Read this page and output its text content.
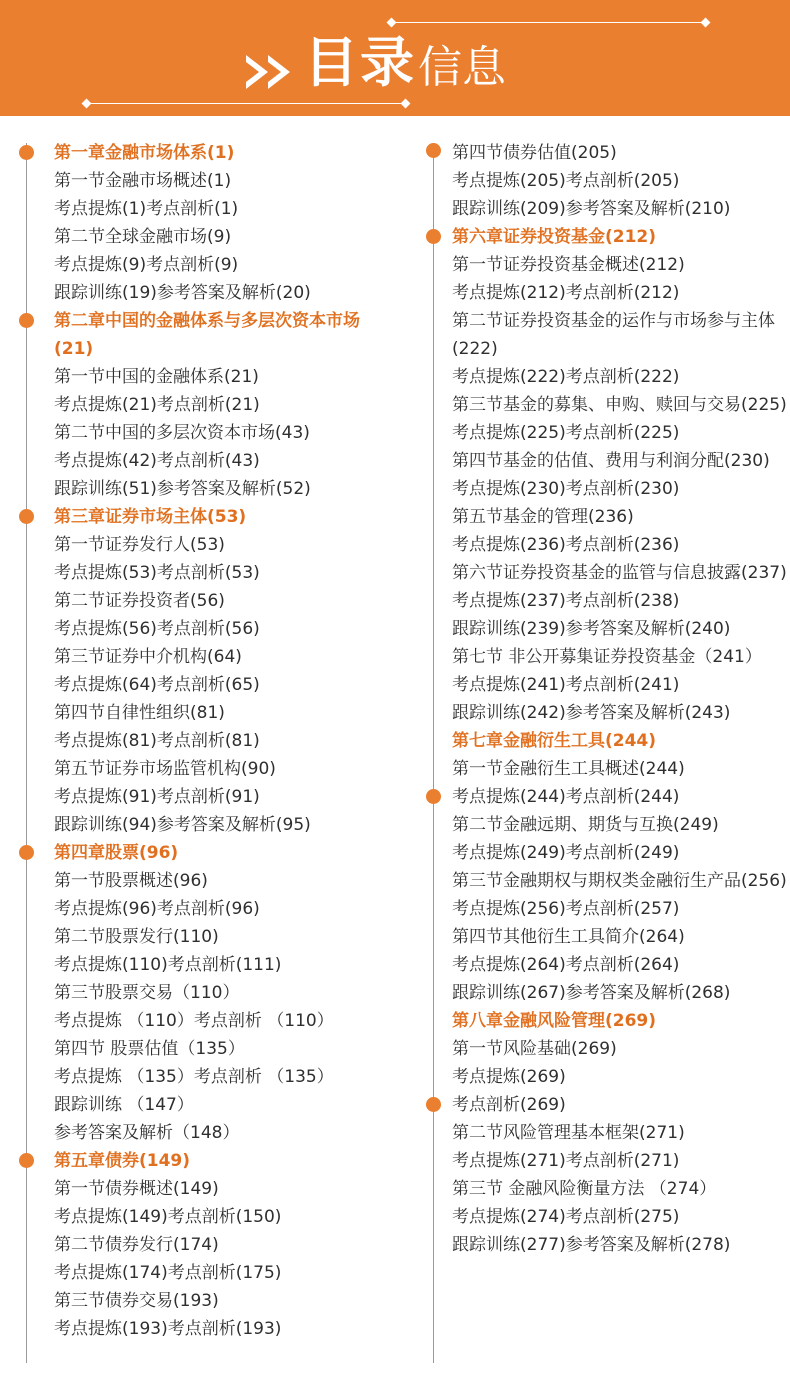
目录 信息
第一章金融市场体系(1)
第一节金融市场概述(1)
考点提炼(1)考点剖析(1)
第二节全球金融市场(9)
考点提炼(9)考点剖析(9)
跟踪训练(19)参考答案及解析(20)
第二章中国的金融体系与多层次资本市场(21)
第一节中国的金融体系(21)
考点提炼(21)考点剖析(21)
第二节中国的多层次资本市场(43)
考点提炼(42)考点剖析(43)
跟踪训练(51)参考答案及解析(52)
第三章证券市场主体(53)
第一节证券发行人(53)
考点提炼(53)考点剖析(53)
第二节证券投资者(56)
考点提炼(56)考点剖析(56)
第三节证券中介机构(64)
考点提炼(64)考点剖析(65)
第四节自律性组织(81)
考点提炼(81)考点剖析(81)
第五节证券市场监管机构(90)
考点提炼(91)考点剖析(91)
跟踪训练(94)参考答案及解析(95)
第四章股票(96)
第一节股票概述(96)
考点提炼(96)考点剖析(96)
第二节股票发行(110)
考点提炼(110)考点剖析(111)
第三节股票交易（110）
考点提炼 （110）考点剖析 （110）
第四节 股票估值（135）
考点提炼 （135）考点剖析 （135）
跟踪训练 （147）
参考答案及解析（148）
第五章债券(149)
第一节债券概述(149)
考点提炼(149)考点剖析(150)
第二节债券发行(174)
考点提炼(174)考点剖析(175)
第三节债券交易(193)
考点提炼(193)考点剖析(193)
第四节债券估值(205)
考点提炼(205)考点剖析(205)
跟踪训练(209)参考答案及解析(210)
第六章证券投资基金(212)
第一节证券投资基金概述(212)
考点提炼(212)考点剖析(212)
第二节证券投资基金的运作与市场参与主体(222)
考点提炼(222)考点剖析(222)
第三节基金的募集、申购、赎回与交易(225)
考点提炼(225)考点剖析(225)
第四节基金的估值、费用与利润分配(230)
考点提炼(230)考点剖析(230)
第五节基金的管理(236)
考点提炼(236)考点剖析(236)
第六节证券投资基金的监管与信息披露(237)
考点提炼(237)考点剖析(238)
跟踪训练(239)参考答案及解析(240)
第七节 非公开募集证券投资基金（241）
考点提炼(241)考点剖析(241)
跟踪训练(242)参考答案及解析(243)
第七章金融衍生工具(244)
第一节金融衍生工具概述(244)
考点提炼(244)考点剖析(244)
第二节金融远期、期货与互换(249)
考点提炼(249)考点剖析(249)
第三节金融期权与期权类金融衍生产品(256)
考点提炼(256)考点剖析(257)
第四节其他衍生工具简介(264)
考点提炼(264)考点剖析(264)
跟踪训练(267)参考答案及解析(268)
第八章金融风险管理(269)
第一节风险基础(269)
考点提炼(269)
考点剖析(269)
第二节风险管理基本框架(271)
考点提炼(271)考点剖析(271)
第三节 金融风险衡量方法 （274）
考点提炼(274)考点剖析(275)
跟踪训练(277)参考答案及解析(278)
